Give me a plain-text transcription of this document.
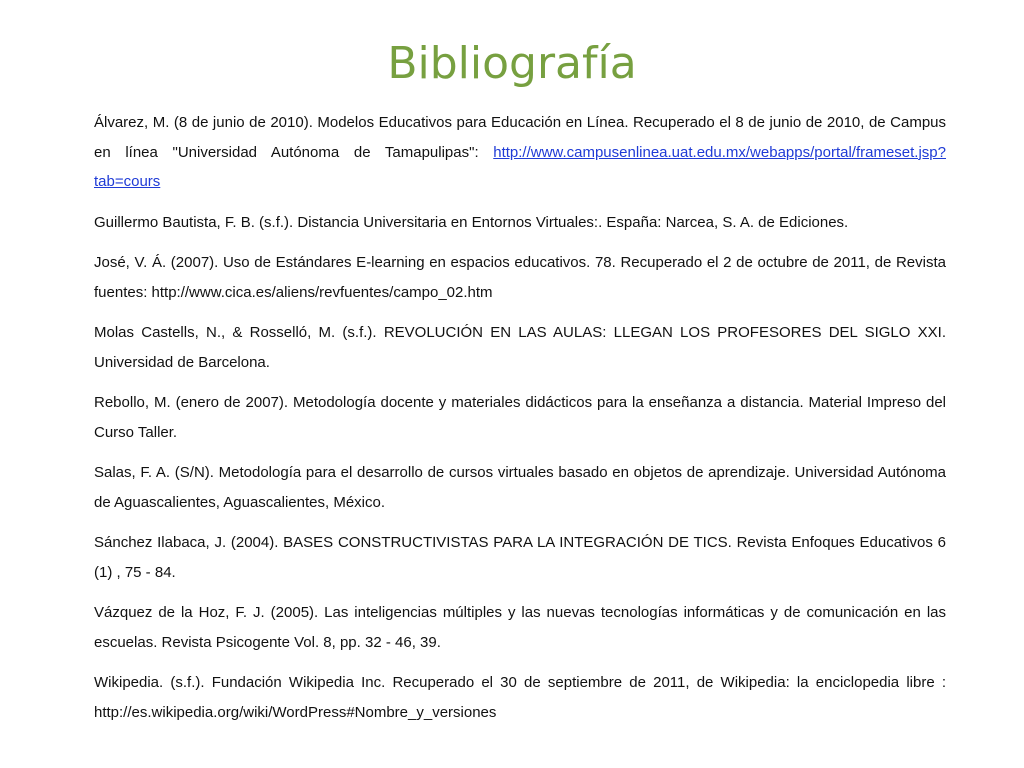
Bibliografía

Álvarez, M. (8 de junio de 2010). Modelos Educativos para Educación en Línea. Recuperado el 8 de junio de 2010, de Campus en línea "Universidad Autónoma de Tamapulipas": http://www.campusenlinea.uat.edu.mx/webapps/portal/frameset.jsp?tab=cours

Guillermo Bautista, F. B. (s.f.). Distancia Universitaria en Entornos Virtuales:. España: Narcea, S. A. de Ediciones.

José, V. Á. (2007). Uso de Estándares E-learning en espacios educativos. 78. Recuperado el 2 de octubre de 2011, de Revista fuentes: http://www.cica.es/aliens/revfuentes/campo_02.htm

Molas Castells, N., & Rosselló, M. (s.f.). REVOLUCIÓN EN LAS AULAS: LLEGAN LOS PROFESORES DEL SIGLO XXI. Universidad de Barcelona.

Rebollo, M. (enero de 2007). Metodología docente y materiales didácticos para la enseñanza a distancia. Material Impreso del Curso Taller.

Salas, F. A. (S/N). Metodología para el desarrollo de cursos virtuales basado en objetos de aprendizaje. Universidad Autónoma de Aguascalientes, Aguascalientes, México.

Sánchez Ilabaca, J. (2004). BASES CONSTRUCTIVISTAS PARA LA INTEGRACIÓN DE TICS. Revista Enfoques Educativos 6 (1) , 75 - 84.

Vázquez de la Hoz, F. J. (2005). Las inteligencias múltiples y las nuevas tecnologías informáticas y de comunicación en las escuelas. Revista Psicogente Vol. 8, pp. 32 - 46, 39.

Wikipedia. (s.f.). Fundación Wikipedia Inc. Recuperado el 30 de septiembre de 2011, de Wikipedia: la enciclopedia libre : http://es.wikipedia.org/wiki/WordPress#Nombre_y_versiones
